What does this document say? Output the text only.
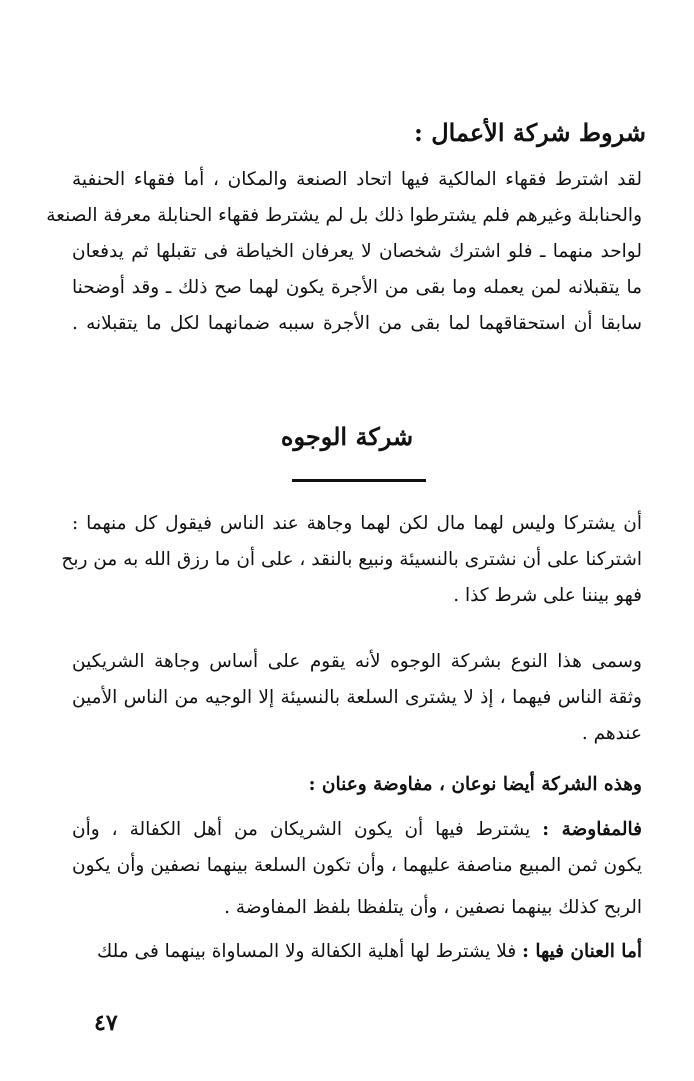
شروط شركة الأعمال :
لقد اشترط فقهاء المالكية فيها اتحاد الصنعة والمكان ، أما فقهاء الحنفية
والحنابلة وغيرهم فلم يشترطوا ذلك بل لم يشترط فقهاء الحنابلة معرفة الصنعة
لواحد منهما ـ فلو اشترك شخصان لا يعرفان الخياطة فى تقبلها ثم يدفعان
ما يتقبلانه لمن يعمله وما بقى من الأجرة يكون لهما صح ذلك ـ وقد أوضحنا
سابقا أن استحقاقهما لما بقى من الأجرة سببه ضمانهما لكل ما يتقبلانه .
شركة الوجوه
أن يشتركا وليس لهما مال لكن لهما وجاهة عند الناس فيقول كل منهما :
اشتركنا على أن نشترى بالنسيئة ونبيع بالنقد ، على أن ما رزق الله به من ربح
فهو بيننا على شرط كذا .
وسمى هذا النوع بشركة الوجوه لأنه يقوم على أساس وجاهة الشريكين
وثقة الناس فيهما ، إذ لا يشترى السلعة بالنسيئة إلا الوجيه من الناس الأمين
عندهم .
وهذه الشركة أيضا نوعان ، مفاوضة وعنان :
فالمفاوضة : يشترط فيها أن يكون الشريكان من أهل الكفالة ، وأن
يكون ثمن المبيع مناصفة عليهما ، وأن تكون السلعة بينهما نصفين وأن يكون
الربح كذلك بينهما نصفين ، وأن يتلفظا بلفظ المفاوضة .
أما العنان فيها : فلا يشترط لها أهلية الكفالة ولا المساواة بينهما فى ملك
٤٧
